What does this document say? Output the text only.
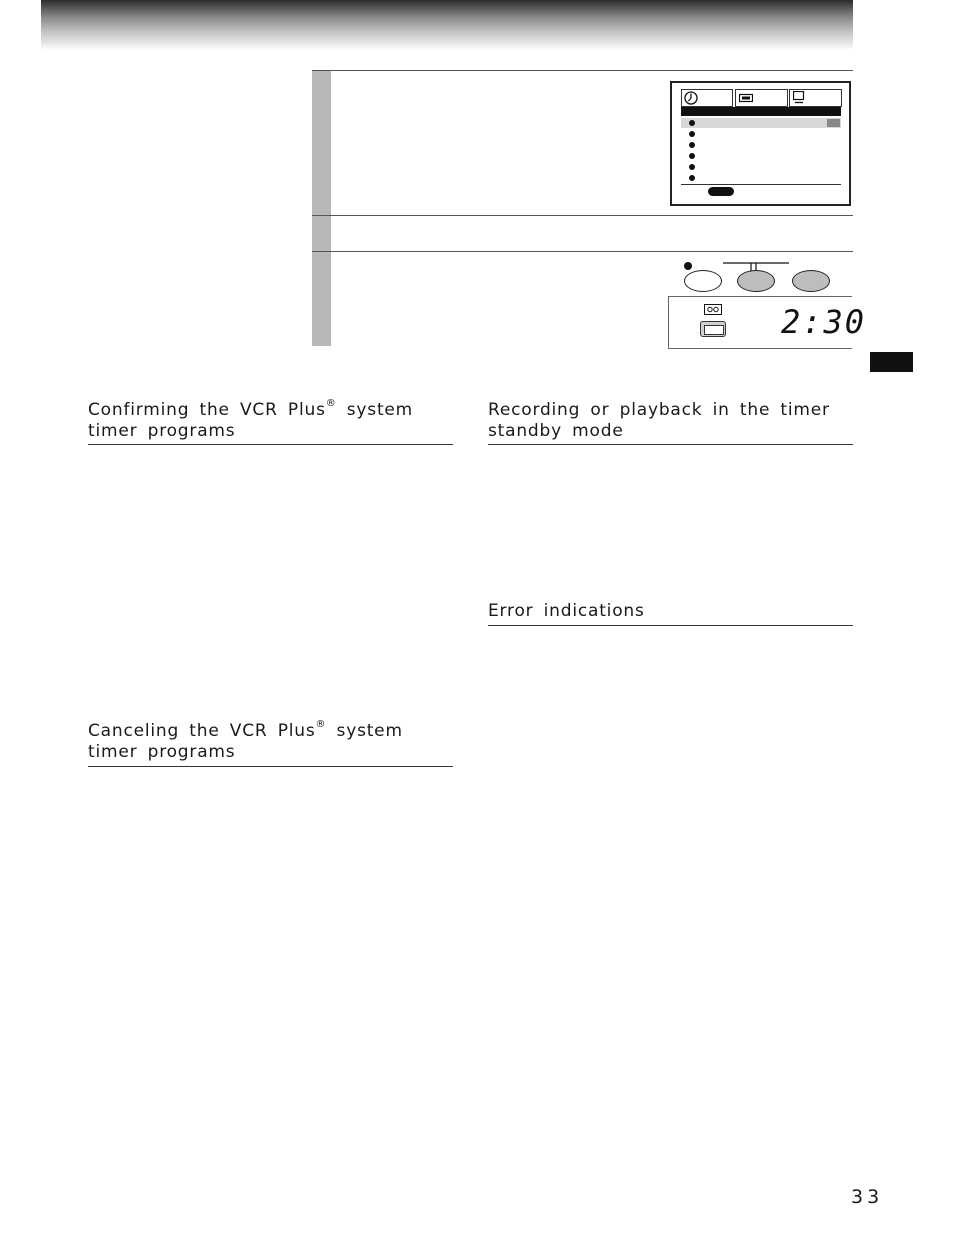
2:30
Confirming the VCR Plus® system
timer programs
Canceling the VCR Plus® system
timer programs
Recording or playback in the timer
standby mode
Error indications
33
